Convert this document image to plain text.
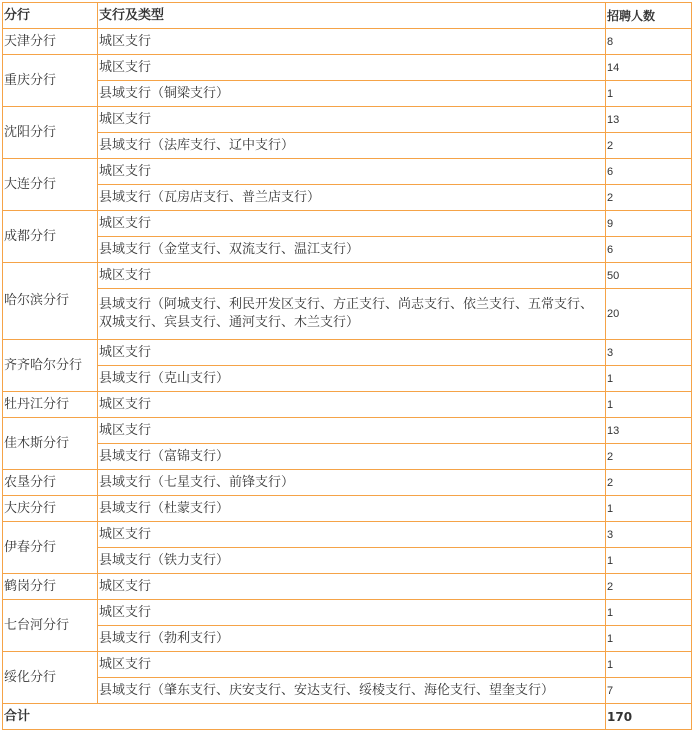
分行	支行及类型	招聘人数
天津分行	城区支行	8
重庆分行	城区支行	14
	县域支行（铜梁支行）	1
沈阳分行	城区支行	13
	县域支行（法库支行、辽中支行）	2
大连分行	城区支行	6
	县域支行（瓦房店支行、普兰店支行）	2
成都分行	城区支行	9
	县域支行（金堂支行、双流支行、温江支行）	6
哈尔滨分行	城区支行	50
	县域支行（阿城支行、利民开发区支行、方正支行、尚志支行、依兰支行、五常支行、双城支行、宾县支行、通河支行、木兰支行）	20
齐齐哈尔分行	城区支行	3
	县域支行（克山支行）	1
牡丹江分行	城区支行	1
佳木斯分行	城区支行	13
	县域支行（富锦支行）	2
农垦分行	县域支行（七星支行、前锋支行）	2
大庆分行	县域支行（杜蒙支行）	1
伊春分行	城区支行	3
	县域支行（铁力支行）	1
鹤岗分行	城区支行	2
七台河分行	城区支行	1
	县域支行（勃利支行）	1
绥化分行	城区支行	1
	县域支行（肇东支行、庆安支行、安达支行、绥棱支行、海伦支行、望奎支行）	7
合计		170
